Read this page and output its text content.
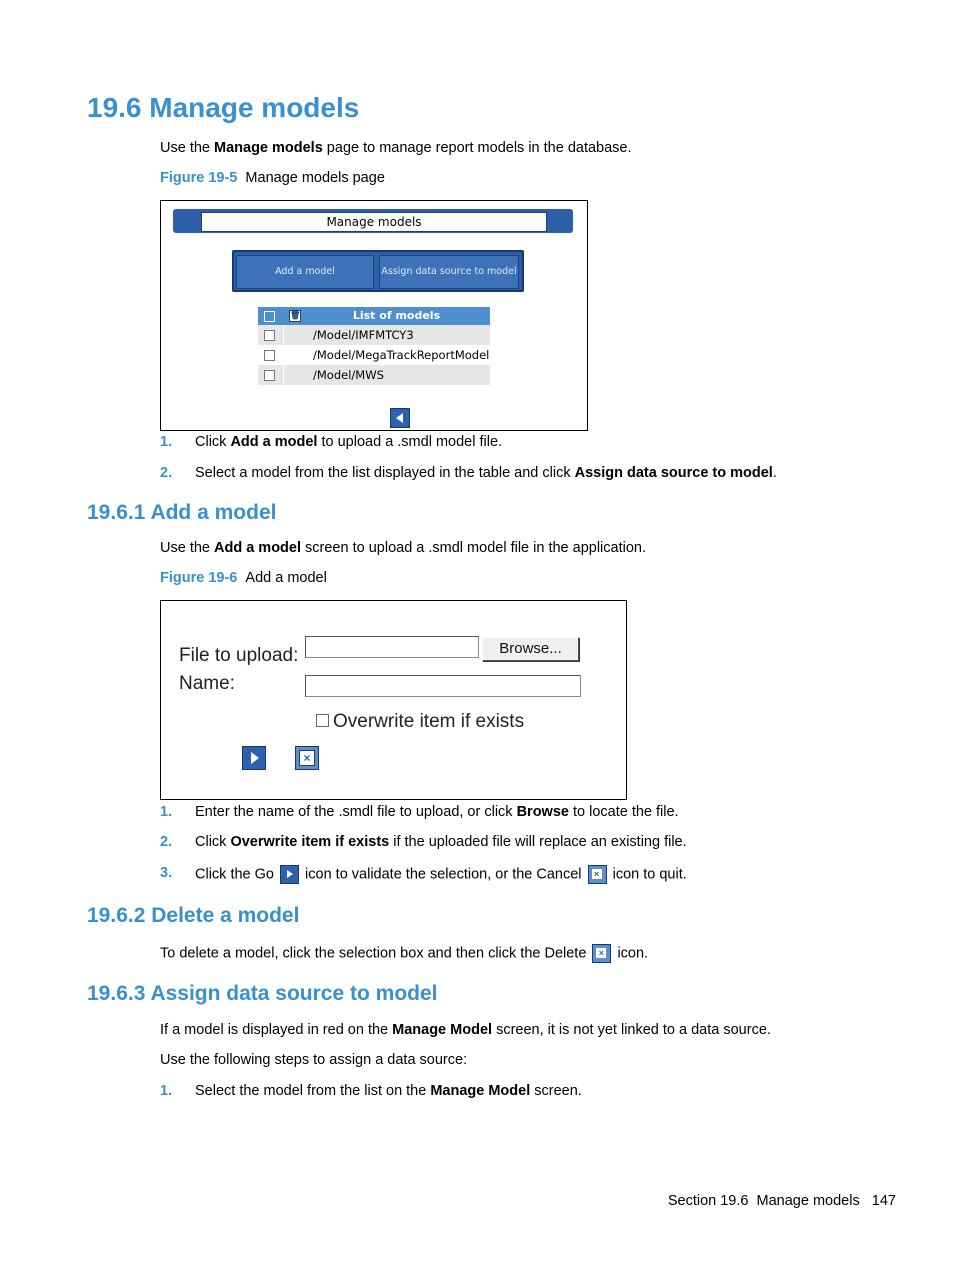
19.6 Manage models

Use the Manage models page to manage report models in the database.

Figure 19-5 Manage models page

Manage models
Add a model	Assign data source to model
🗑	List of models
/Model/IMFMTCY3
/Model/MegaTrackReportModel
/Model/MWS
1. Click Add a model to upload a .smdl model file.
2. Select a model from the list displayed in the table and click Assign data source to model.
19.6.1 Add a model

Use the Add a model screen to upload a .smdl model file in the application.

Figure 19-6 Add a model

File to upload:	Browse...
Name:
Overwrite item if exists
×
1. Enter the name of the .smdl file to upload, or click Browse to locate the file.
2. Click Overwrite item if exists if the uploaded file will replace an existing file.
3. Click the Go icon to validate the selection, or the Cancel × icon to quit.
19.6.2 Delete a model

To delete a model, click the selection box and then click the Delete × icon.

19.6.3 Assign data source to model

If a model is displayed in red on the Manage Model screen, it is not yet linked to a data source.

Use the following steps to assign a data source:

1. Select the model from the list on the Manage Model screen.
Section 19.6 Manage models 147
